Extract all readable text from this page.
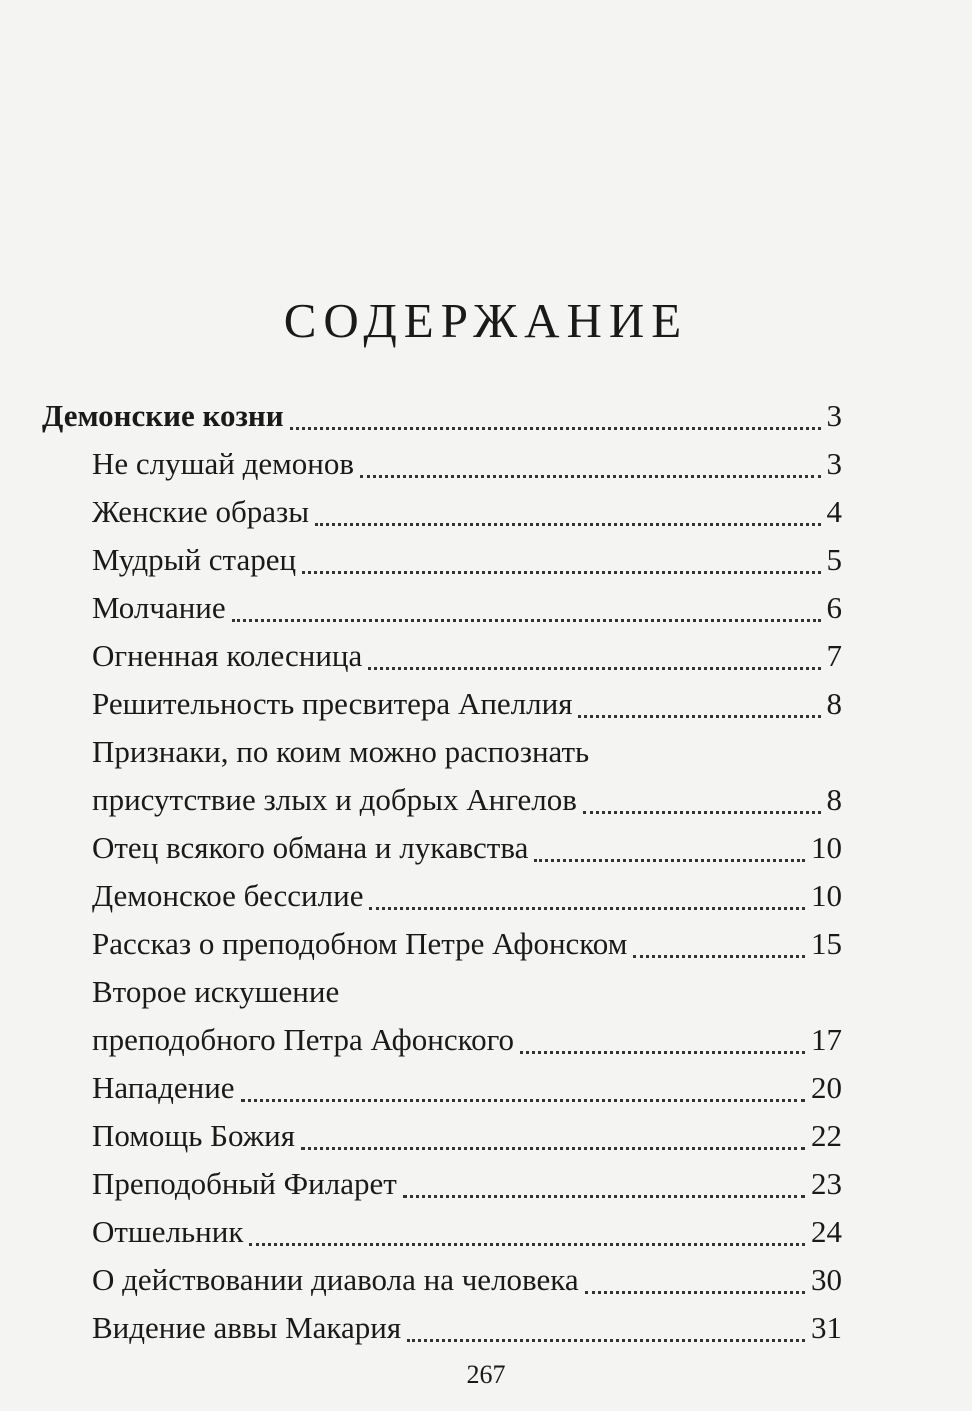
СОДЕРЖАНИЕ
Демонские козни	3
Не слушай демонов	3
Женские образы	4
Мудрый старец	5
Молчание	6
Огненная колесница	7
Решительность пресвитера Апеллия	8
Признаки, по коим можно распознать
присутствие злых и добрых Ангелов	8
Отец всякого обмана и лукавства	10
Демонское бессилие	10
Рассказ о преподобном Петре Афонском	15
Второе искушение
преподобного Петра Афонского	17
Нападение	20
Помощь Божия	22
Преподобный Филарет	23
Отшельник	24
О действовании диавола на человека	30
Видение аввы Макария	31
267
